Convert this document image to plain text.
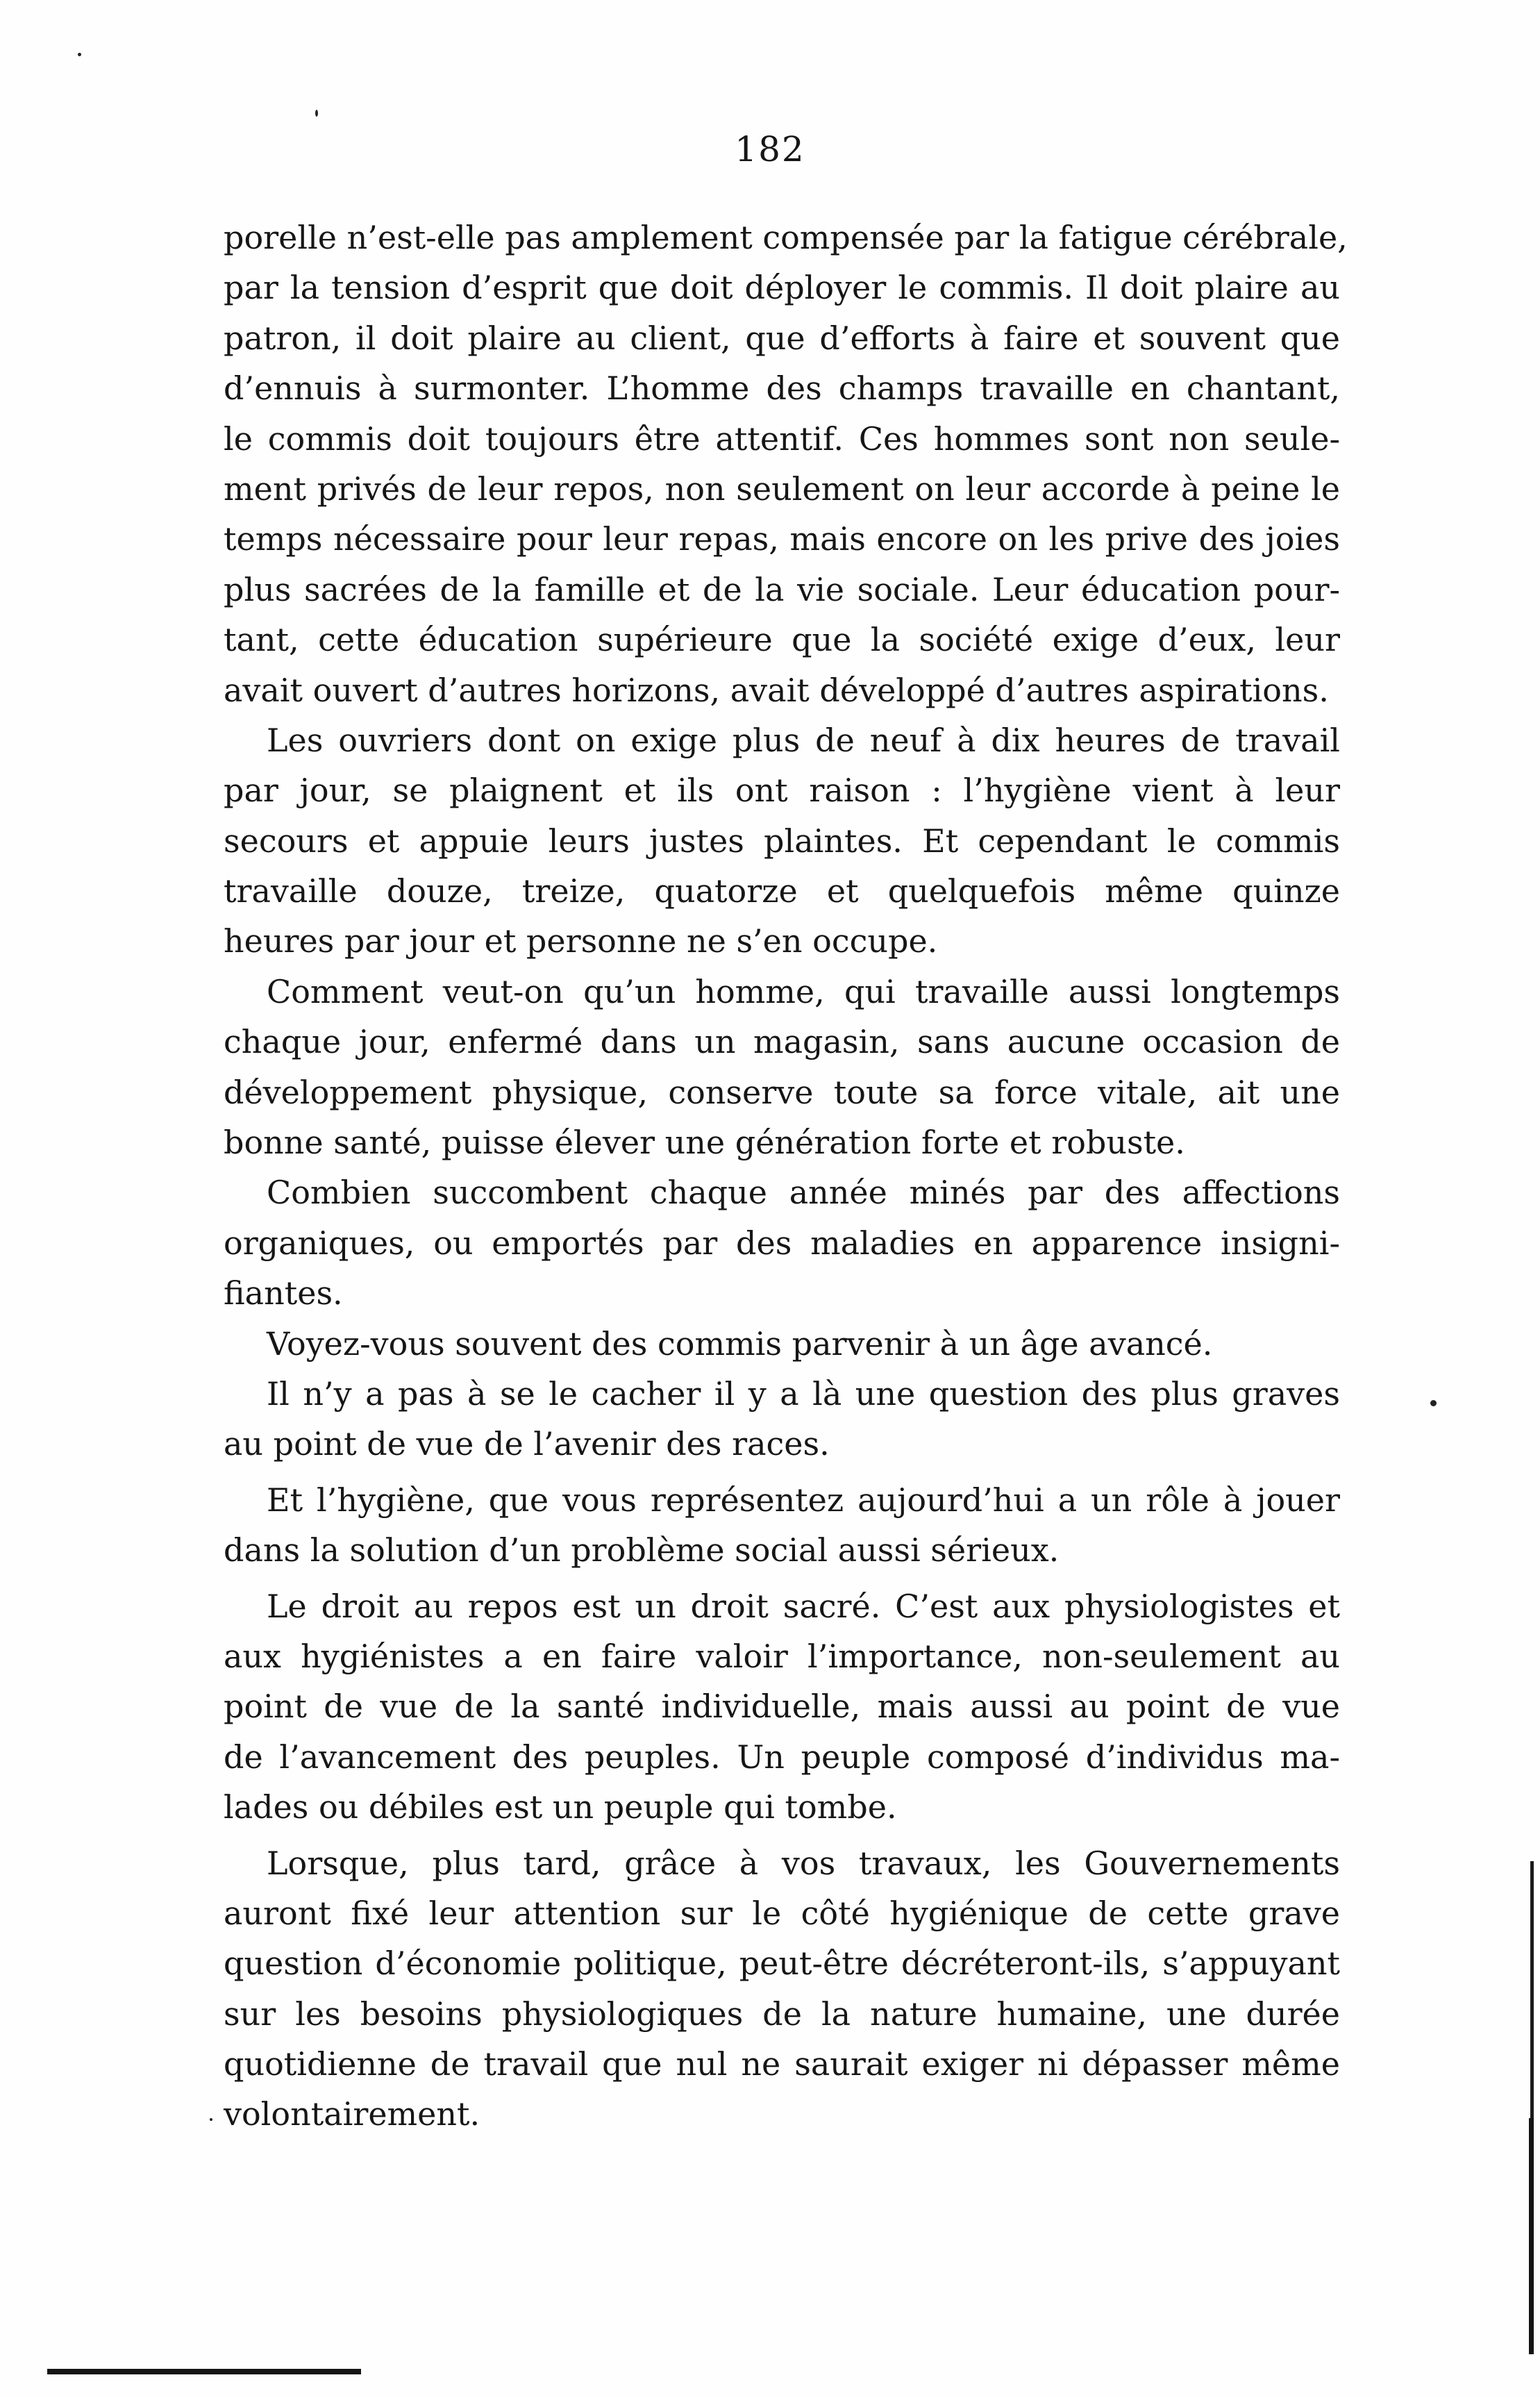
182
porelle n’est-elle pas amplement compensée par la fatigue cérébrale,
par la tension d’esprit que doit déployer le commis. Il doit plaire au
patron, il doit plaire au client, que d’efforts à faire et souvent que
d’ennuis à surmonter. L’homme des champs travaille en chantant,
le commis doit toujours être attentif. Ces hommes sont non seule-
ment privés de leur repos, non seulement on leur accorde à peine le
temps nécessaire pour leur repas, mais encore on les prive des joies
plus sacrées de la famille et de la vie sociale. Leur éducation pour-
tant, cette éducation supérieure que la société exige d’eux, leur
avait ouvert d’autres horizons, avait développé d’autres aspirations.
Les ouvriers dont on exige plus de neuf à dix heures de travail
par jour, se plaignent et ils ont raison : l’hygiène vient à leur
secours et appuie leurs justes plaintes. Et cependant le commis
travaille douze, treize, quatorze et quelquefois même quinze
heures par jour et personne ne s’en occupe.
Comment veut-on qu’un homme, qui travaille aussi longtemps
chaque jour, enfermé dans un magasin, sans aucune occasion de
développement physique, conserve toute sa force vitale, ait une
bonne santé, puisse élever une génération forte et robuste.
Combien succombent chaque année minés par des affections
organiques, ou emportés par des maladies en apparence insigni-
fiantes.
Voyez-vous souvent des commis parvenir à un âge avancé.
Il n’y a pas à se le cacher il y a là une question des plus graves
au point de vue de l’avenir des races.
Et l’hygiène, que vous représentez aujourd’hui a un rôle à jouer
dans la solution d’un problème social aussi sérieux.
Le droit au repos est un droit sacré. C’est aux physiologistes et
aux hygiénistes a en faire valoir l’importance, non-seulement au
point de vue de la santé individuelle, mais aussi au point de vue
de l’avancement des peuples. Un peuple composé d’individus ma-
lades ou débiles est un peuple qui tombe.
Lorsque, plus tard, grâce à vos travaux, les Gouvernements
auront fixé leur attention sur le côté hygiénique de cette grave
question d’économie politique, peut-être décréteront-ils, s’appuyant
sur les besoins physiologiques de la nature humaine, une durée
quotidienne de travail que nul ne saurait exiger ni dépasser même
volontairement.
